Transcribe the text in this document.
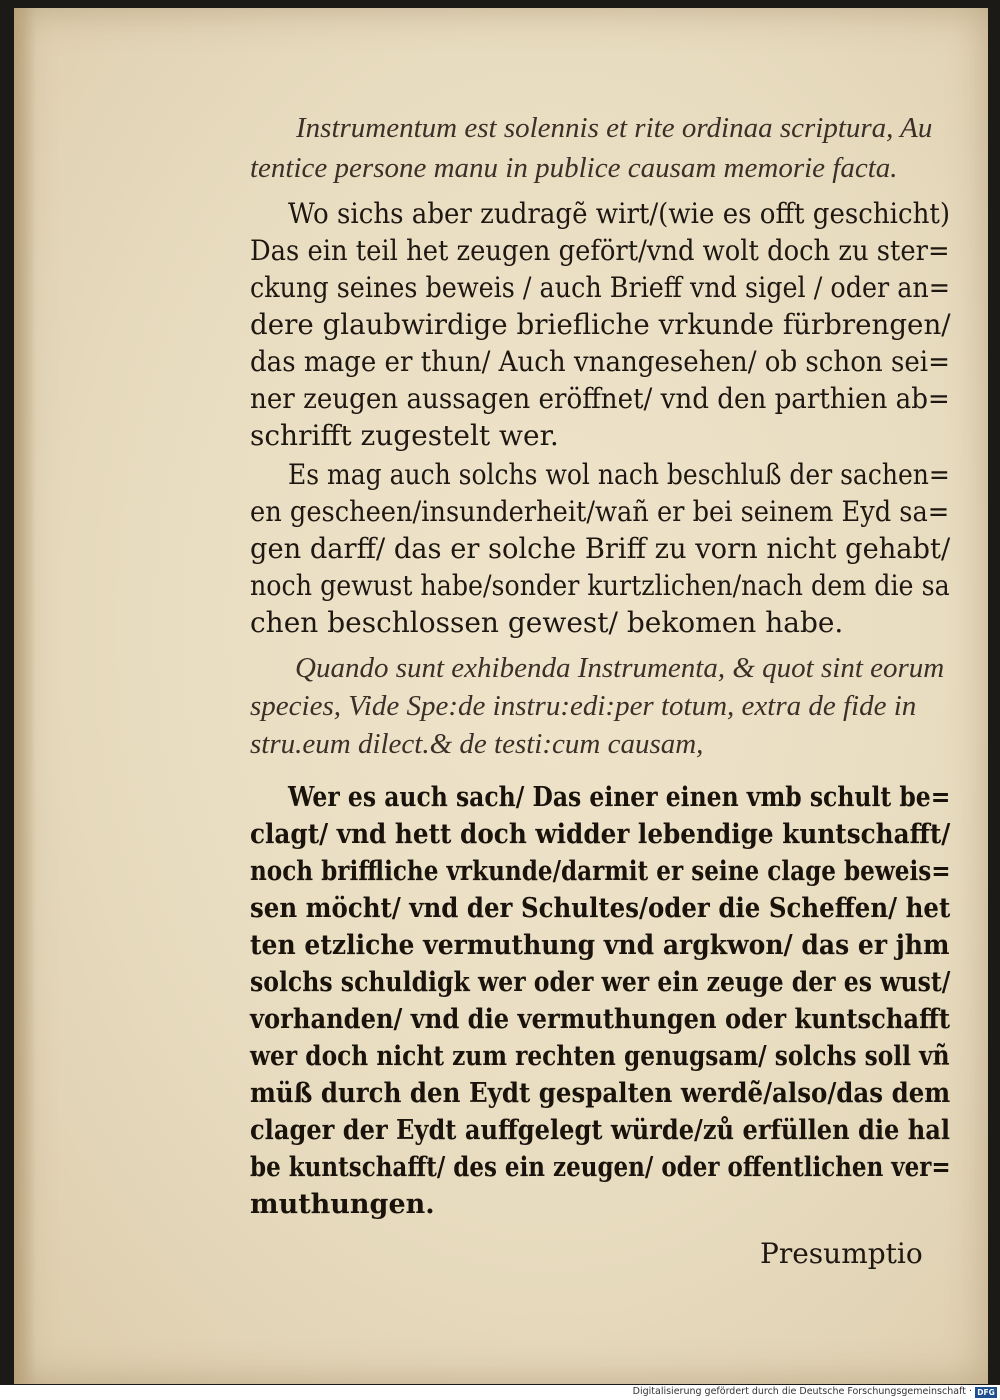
Instrumentum est solennis et rite ordinaa scriptura, Au
tentice persone manu in publice causam memorie facta.
Wo sichs aber zudragẽ wirt/(wie es offt geschicht)
Das ein teil het zeugen gefört/vnd wolt doch zu ster=
ckung seines beweis / auch Brieff vnd sigel / oder an=
dere glaubwirdige briefliche vrkunde fürbrengen/
das mage er thun/ Auch vnangesehen/ ob schon sei=
ner zeugen aussagen eröffnet/ vnd den parthien ab=
schrifft zugestelt wer.
Es mag auch solchs wol nach beschluß der sachen=
en gescheen/insunderheit/wañ er bei seinem Eyd sa=
gen darff/ das er solche Briff zu vorn nicht gehabt/
noch gewust habe/sonder kurtzlichen/nach dem die sa
chen beschlossen gewest/ bekomen habe.
Quando sunt exhibenda Instrumenta, & quot sint eorum
species, Vide Spe:de instru:edi:per totum, extra de fide in
stru.eum dilect.& de testi:cum causam,
Wer es auch sach/ Das einer einen vmb schult be=
clagt/ vnd hett doch widder lebendige kuntschafft/
noch briffliche vrkunde/darmit er seine clage beweis=
sen möcht/ vnd der Schultes/oder die Scheffen/ het
ten etzliche vermuthung vnd argkwon/ das er jhm
solchs schuldigk wer oder wer ein zeuge der es wust/
vorhanden/ vnd die vermuthungen oder kuntschafft
wer doch nicht zum rechten genugsam/ solchs soll vñ
müß durch den Eydt gespalten werdẽ/also/das dem
clager der Eydt auffgelegt würde/zů erfüllen die hal
be kuntschafft/ des ein zeugen/ oder offentlichen ver=
muthungen.
Presumptio
Digitalisierung gefördert durch die Deutsche Forschungsgemeinschaft · DFG
